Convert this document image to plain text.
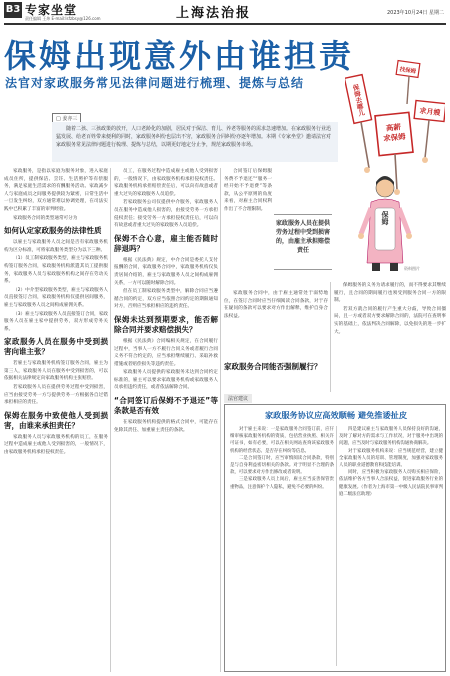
B3 专家坐堂
责任编辑 王炜 E-mail:lsfzbsy@126.com	上海法治报	2023年10月24日 星期二
保姆出现意外由谁担责
法官对家政服务常见法律问题进行梳理、提炼与总结
保姆去哪儿
找保姆
求月嫂
高薪求保姆
保姆
资料图片
□ 姜亦三
随着二孩、三孩政策的放开，人口老龄化的加剧，居民对于保洁、育儿、养老等服务的需求急速增加。在家政服务行业迅猛发展、给老百姓带来便利的同时，家政服务纠纷也层出不穷，家政服务合同纠纷亦逐年增加。本期《专家坐堂》邀请法官对家政服务常见法律问题进行梳理、提炼与总结，以期更好地定分止争，规范家政服务市场。

家政服务，是指以家庭为服务对象，进入家庭成员住所，提供保洁、烹饪、生活照护等有偿服务，满足家庭生活需求的有酬服务活动。家政减少人与家庭成员之间服务提供较为紧密，日常生活中一旦发生纠纷，双方通常难以协调处理，在司法实践中已积累了丰富的审判经验。

家政服务合同的类型通常可分为

如何认定家政服务的法律性质

以雇主与家政服务人员之间是否有家政服务机构为区分标准，可将家政服务类型分为以下三种。

（1）员工制家政服务类型，雇主与家政服务机构签订服务合同，家政服务机构派遣其员工提供服务，家政服务人员与家政服务机构之间存在劳动关系。

（2）中介型家政服务类型，雇主与家政服务人员直接签订合同，家政服务机构仅提供居间服务，雇主与家政服务人员之间构成雇佣关系。

（3）雇主与家政服务人员直接签订合同，家政服务人员在雇主家中提供劳务，双方形成劳务关系。

家政服务人员在服务中受到损害向谁主张？

若雇主与家政服务机构签订服务合同，雇主为第三人，家政服务人员在服务中受到损害的，可以依据相关法律规定向家政服务机构主张赔偿。

若家政服务人员在提供劳务过程中受到损害，应当由接受劳务一方与提供劳务一方根据各自过错承担相应的责任。

保姆在服务中致使他人受到损害，由谁来承担责任？

家政服务人员与家政服务机构的员工，在服务过程中造成雇主或他人受到损害的，一般情况下，由家政服务机构承担侵权责任。

员工，在服务过程中造成雇主或他人受到损害的，一般情况下，由家政服务机构承担侵权责任。家政服务机构承担赔偿责任后，可以向有故意或者重大过失的家政服务人员追偿。

若家政服务公司仅提供中介服务，家政服务人员在服务中造成他人损害的，由接受劳务一方承担侵权责任；接受劳务一方承担侵权责任后，可以向有故意或者重大过失的家政服务人员追偿。

保姆不合心意，雇主能否随时辞退吗？

根据《民法典》规定，中介合同是委托人支付报酬的合同，家政服务合同中，家政服务机构仅负责居间介绍的，雇主与家政服务人员之间构成雇佣关系，一方可以随时解除合同。

但在员工制家政服务类型中，解除合同应当遵循合同的约定，双方应当依照合同约定的期限通知对方，否则应当承担相应的违约责任。

保姆未达到预期要求，能否解除合同并要求赔偿损失？

根据《民法典》合同编相关规定，在合同履行过程中，当事人一方不履行合同义务或者履行合同义务不符合约定的，应当承担继续履行、采取补救措施或者赔偿损失等违约责任。

家政服务人员提供的家政服务未达到合同约定标准的，雇主可以要求家政服务机构或家政服务人员承担违约责任，或者依法解除合同。

“合同签订后保姆不予退还”等条款是否有效

在家政服务机构提供的格式合同中，可能存在免除其责任、加重雇主责任的条款。

合同签订后保姆服务费不予退还”“服务一经开始不予退费”等条款，从公平原则的角度来看，对雇主合同权利作出了不合理限制。

家政服务人员在提供劳务过程中受到损害的，由雇主承担赔偿责任

家政服务合同中，由于雇主通常处于弱势地位，在签订合同时应当仔细阅读合同条款，对于存在疑问的条款可以要求对方作出解释，维护自身合法权益。

家政服务合同能否强制履行？

保姆服务的义务为请求履行的，而不得要求其继续履行，且合同的期间履行也须受到服务合同一方的限制。

若双方就合同的履行产生重大分歧，导致合同僵局，且一方或者双方要求解除合同的，法院可在查明事实的基础上，依法判决合同解除，以免损失的进一步扩大。

法官建议
家政服务协议应高效顺畅 避免推诿扯皮

对于雇主来说：一是家政服务合同签订前，应仔细审核家政服务机构的资质，包括营业执照、相关许可证书，如有必要，可以在相关网站查询该家政服务机构的经营状态、是否存在纠纷等信息。

二是合同签订时，应当审慎阅读合同条款，特别是与自身利益密切相关的条款。对于明显不合理的条款，可以要求对方作出修改或者说明。

三是家政服务人员上岗后，雇主应当妥善保管贵重物品，注意保护个人隐私，避免不必要的纠纷。

四是建议雇主与家政服务人员保持良好的沟通，及时了解对方的需求与工作状况，对于服务中出现的问题，应当及时与家政服务机构沟通协商解决。

对于家政服务机构来说：应当规范经营，建立健全家政服务人员的培训、管理制度，加强对家政服务人员的职业道德教育和技能培训。

同时，应当积极为家政服务人员购买相应保险，依法维护各方当事人合法权益，促进家政服务行业的健康发展。（作者为上海市第一中级人民法院民事审判庭二级法官助理）
